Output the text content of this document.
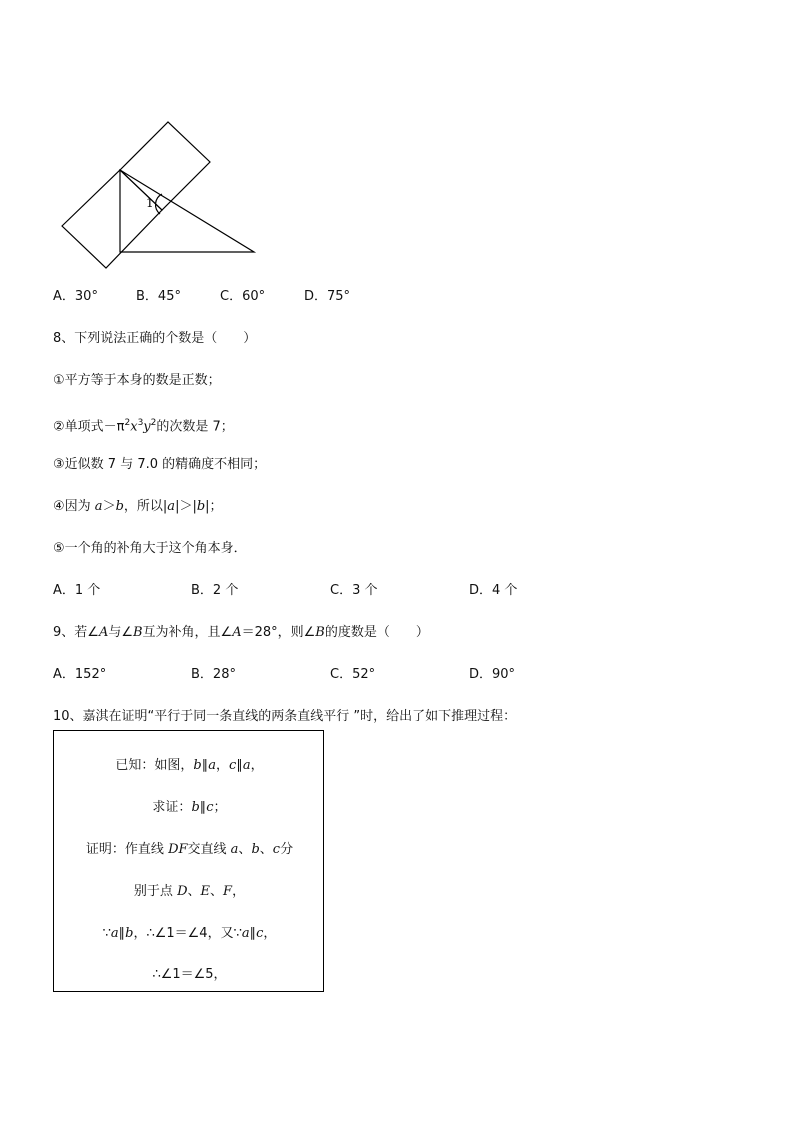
1
A．30°	B．45°	C．60°	D．75°
8、下列说法正确的个数是（　　）
①平方等于本身的数是正数；
②单项式$-\pi^2x^3y^2$的次数是 7；
③近似数 7 与 7.0 的精确度不相同；
④因为 a＞b，所以|a|＞|b|；
⑤一个角的补角大于这个角本身．
A．1 个	B．2 个	C．3 个	D．4 个
9、若∠A与∠B互为补角，且∠A＝28°，则∠B的度数是（　　）
A．152°	B．28°	C．52°	D．90°
10、嘉淇在证明“平行于同一条直线的两条直线平行 ”时，给出了如下推理过程：
已知：如图，b∥a，c∥a，
求证：b∥c；
证明：作直线 DF交直线 a、b、c分
别于点 D、E、F，
∵a∥b，∴∠1＝∠4，又∵a∥c，
∴∠1＝∠5，
